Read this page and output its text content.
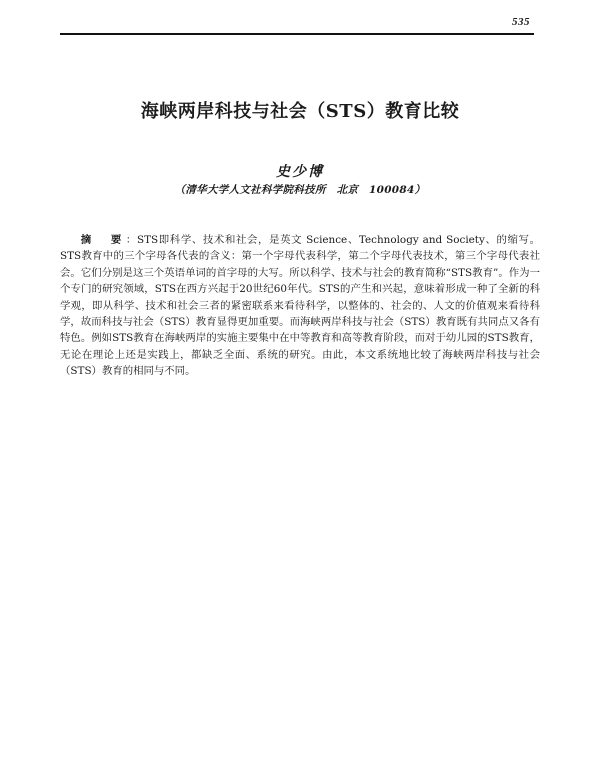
535
海峡两岸科技与社会（STS）教育比较
史少博
（清华大学人文社科学院科技所　北京　100084）

摘　要：STS即科学、技术和社会，是英文 Science、Technology and Society、的缩写。STS教育中的三个字母各代表的含义：第一个字母代表科学，第二个字母代表技术，第三个字母代表社会。它们分别是这三个英语单词的首字母的大写。所以科学、技术与社会的教育简称“STS教育”。作为一个专门的研究领域，STS在西方兴起于20世纪60年代。STS的产生和兴起，意味着形成一种了全新的科学观，即从科学、技术和社会三者的紧密联系来看待科学，以整体的、社会的、人文的价值观来看待科学，故而科技与社会（STS）教育显得更加重要。而海峡两岸科技与社会（STS）教育既有共同点又各有特色。例如STS教育在海峡两岸的实施主要集中在中等教育和高等教育阶段，而对于幼儿园的STS教育，无论在理论上还是实践上，都缺乏全面、系统的研究。由此，本文系统地比较了海峡两岸科技与社会（STS）教育的相同与不同。
